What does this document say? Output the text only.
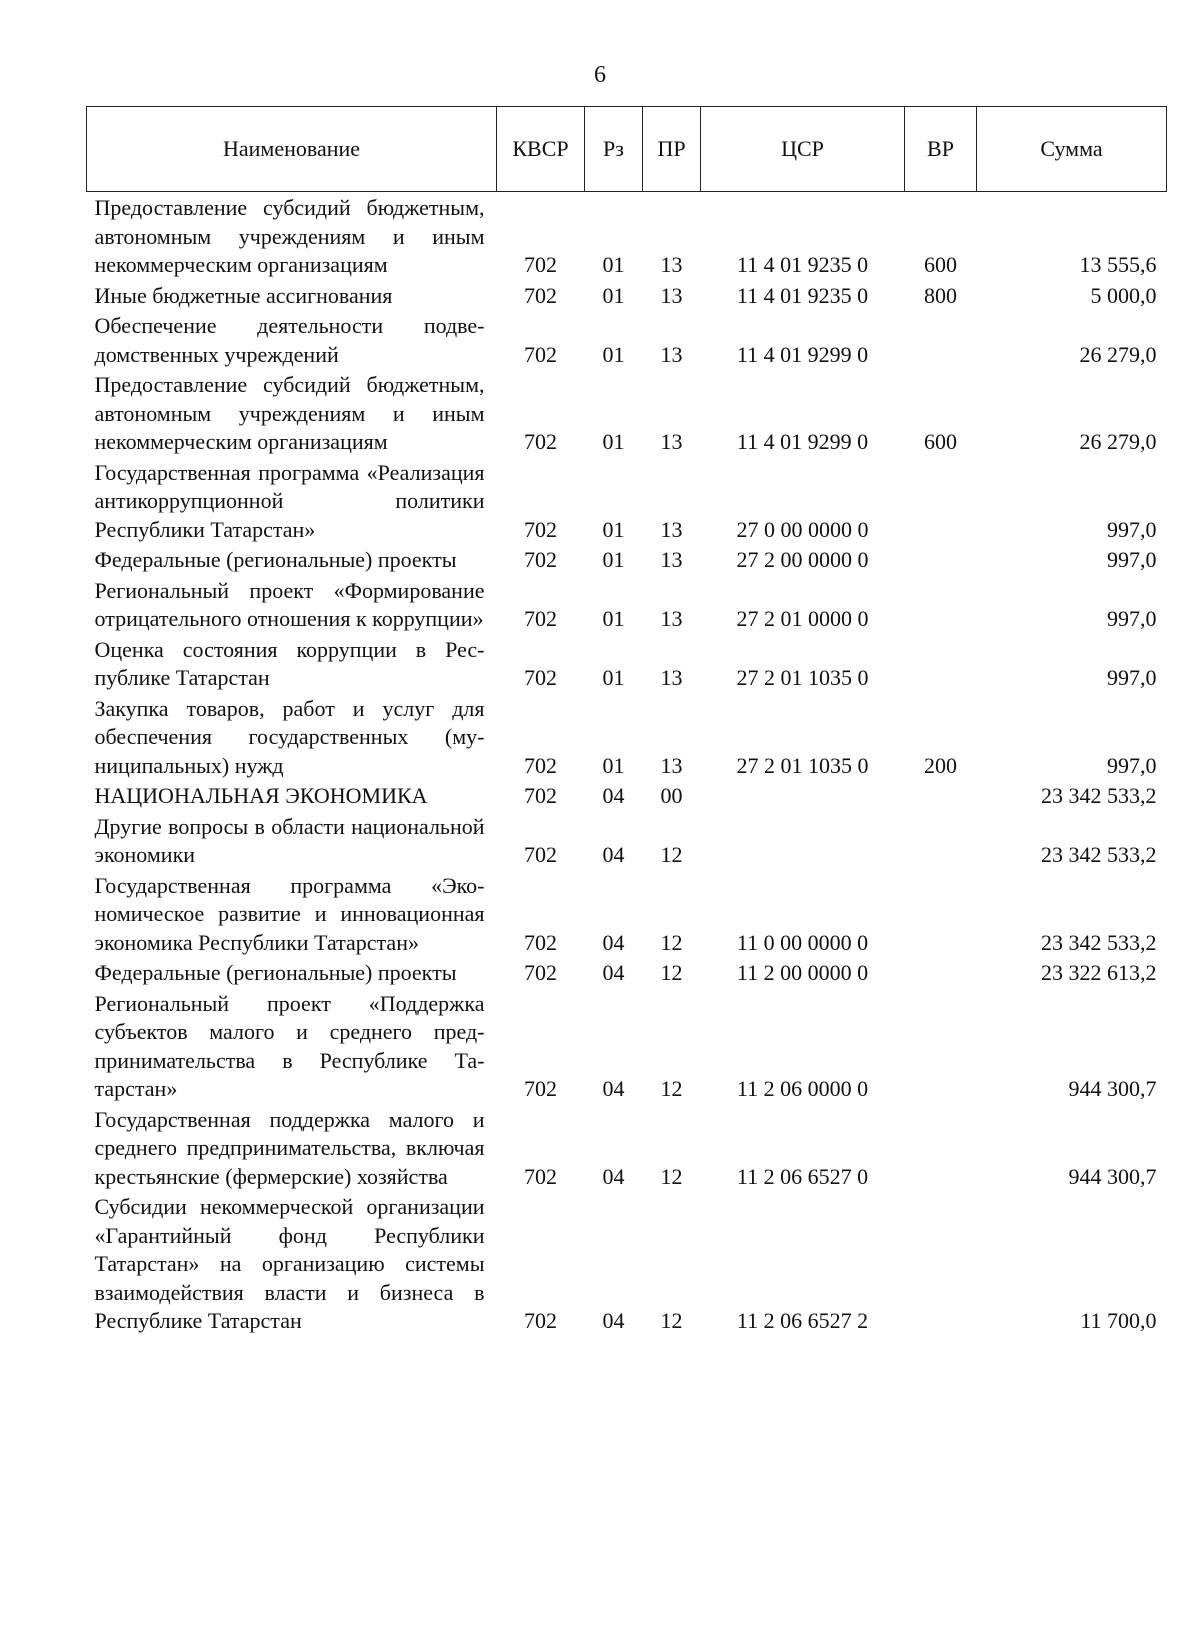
6
Наименование	КВСР	Рз	ПР	ЦСР	ВР	Сумма
Предоставление субсидий бюджетным, автономным учреждениям и иным некоммерческим организациям	702	01	13	11 4 01 9235 0	600	13 555,6
Иные бюджетные ассигнования	702	01	13	11 4 01 9235 0	800	5 000,0
Обеспечение деятельности подведомственных учреждений	702	01	13	11 4 01 9299 0		26 279,0
Предоставление субсидий бюджетным, автономным учреждениям и иным некоммерческим организациям	702	01	13	11 4 01 9299 0	600	26 279,0
Государственная программа «Реализация антикоррупционной политики Республики Татарстан»	702	01	13	27 0 00 0000 0		997,0
Федеральные (региональные) проекты	702	01	13	27 2 00 0000 0		997,0
Региональный проект «Формирование отрицательного отношения к коррупции»	702	01	13	27 2 01 0000 0		997,0
Оценка состояния коррупции в Республике Татарстан	702	01	13	27 2 01 1035 0		997,0
Закупка товаров, работ и услуг для обеспечения государственных (муниципальных) нужд	702	01	13	27 2 01 1035 0	200	997,0
НАЦИОНАЛЬНАЯ ЭКОНОМИКА	702	04	00			23 342 533,2
Другие вопросы в области национальной экономики	702	04	12			23 342 533,2
Государственная программа «Экономическое развитие и инновационная экономика Республики Татарстан»	702	04	12	11 0 00 0000 0		23 342 533,2
Федеральные (региональные) проекты	702	04	12	11 2 00 0000 0		23 322 613,2
Региональный проект «Поддержка субъектов малого и среднего предпринимательства в Республике Татарстан»	702	04	12	11 2 06 0000 0		944 300,7
Государственная поддержка малого и среднего предпринимательства, включая крестьянские (фермерские) хозяйства	702	04	12	11 2 06 6527 0		944 300,7
Субсидии некоммерческой организации «Гарантийный фонд Республики Татарстан» на организацию системы взаимодействия власти и бизнеса в Республике Татарстан	702	04	12	11 2 06 6527 2		11 700,0
